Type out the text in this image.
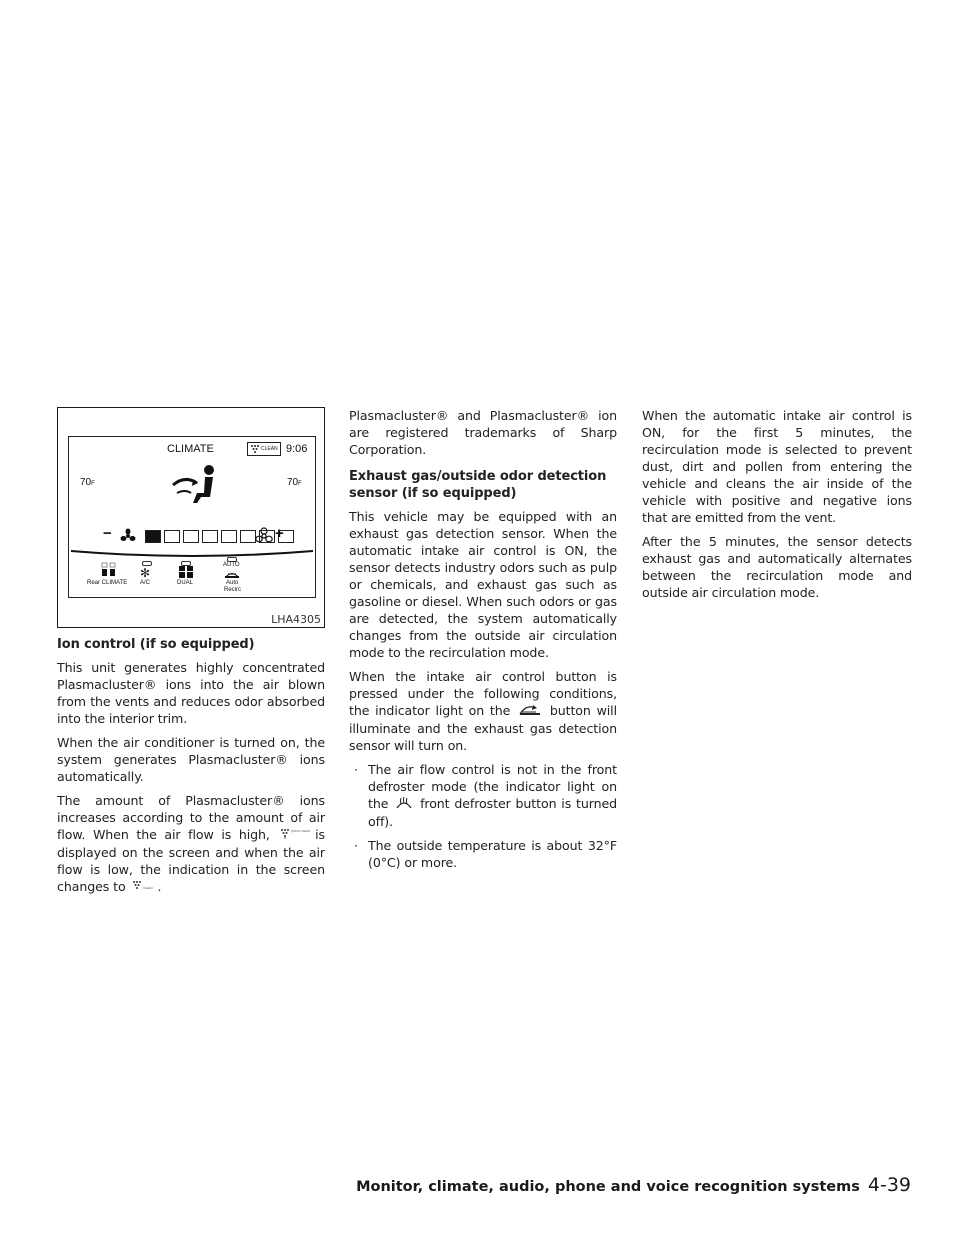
CLIMATE	CLEAN 9:06
70F	70F
−	+
Rear CLIMATE
✻
A/C	DUAL
AUTO
Auto
Recirc
LHA4305
Ion control (if so equipped)

This unit generates highly concentrated Plasmacluster® ions into the air blown from the vents and reduces odor absorbed into the interior trim.

When the air conditioner is turned on, the system generates Plasmacluster® ions automatically.

The amount of Plasmacluster® ions increases according to the amount of air flow. When the air flow is high,	QUICK CLEAN is displayed on the screen and when the air flow is low, the indication in the screen changes to	CLEAN .

Plasmacluster® and Plasmacluster® ion are registered trademarks of Sharp Corporation.

Exhaust gas/outside odor detection sensor (if so equipped)

This vehicle may be equipped with an exhaust gas detection sensor. When the automatic intake air control is ON, the sensor detects industry odors such as pulp or chemicals, and exhaust gas such as gasoline or diesel. When such odors or gas are detected, the system automatically changes from the outside air circulation mode to the recirculation mode.

When the intake air control button is pressed under the following conditions, the indicator light on the	button will illuminate and the exhaust gas detection sensor will turn on.

· The air flow control is not in the front defroster mode (the indicator light on the	front defroster button is turned off).
· The outside temperature is about 32°F (0°C) or more.

When the automatic intake air control is ON, for the first 5 minutes, the recirculation mode is selected to prevent dust, dirt and pollen from entering the vehicle and cleans the air inside of the vehicle with positive and negative ions that are emitted from the vent.

After the 5 minutes, the sensor detects exhaust gas and automatically alternates between the recirculation mode and outside air circulation mode.

Monitor, climate, audio, phone and voice recognition systems 4-39
